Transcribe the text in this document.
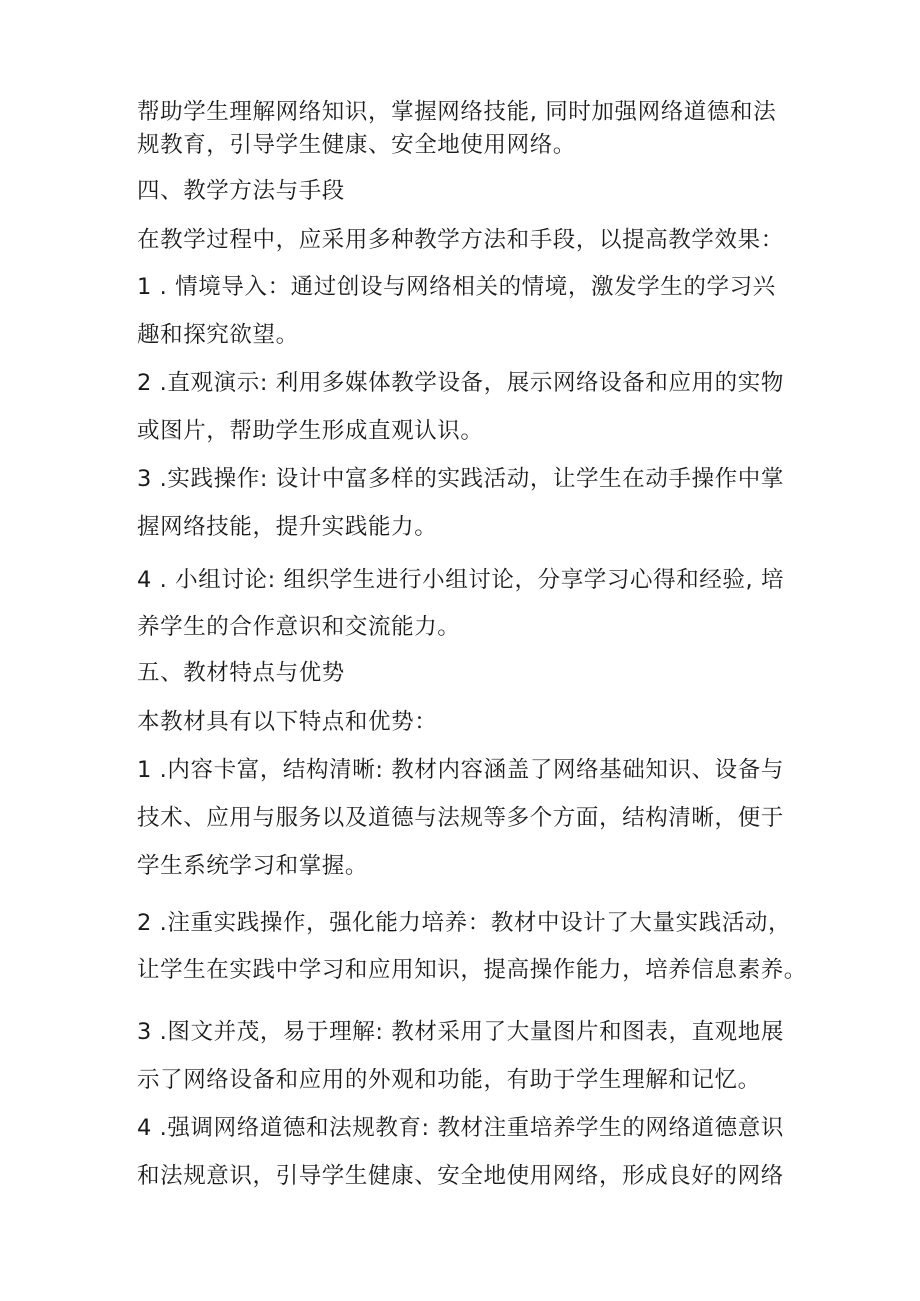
帮助学生理解网络知识，掌握网络技能, 同时加强网络道德和法
规教育，引导学生健康、安全地使用网络。
四、教学方法与手段
在教学过程中，应采用多种教学方法和手段，以提高教学效果：
1 . 情境导入：通过创设与网络相关的情境，激发学生的学习兴
趣和探究欲望。
2 .直观演示: 利用多媒体教学设备，展示网络设备和应用的实物
或图片，帮助学生形成直观认识。
3 .实践操作: 设计中富多样的实践活动，让学生在动手操作中掌
握网络技能，提升实践能力。
4 . 小组讨论: 组织学生进行小组讨论，分享学习心得和经验, 培
养学生的合作意识和交流能力。
五、教材特点与优势
本教材具有以下特点和优势：
1 .内容卡富，结构清晰: 教材内容涵盖了网络基础知识、设备与
技术、应用与服务以及道德与法规等多个方面，结构清晰，便于
学生系统学习和掌握。
2 .注重实践操作，强化能力培养：教材中设计了大量实践活动，
让学生在实践中学习和应用知识，提高操作能力，培养信息素养。
3 .图文并茂，易于理解: 教材采用了大量图片和图表，直观地展
示了网络设备和应用的外观和功能，有助于学生理解和记忆。
4 .强调网络道德和法规教育: 教材注重培养学生的网络道德意识
和法规意识，引导学生健康、安全地使用网络，形成良好的网络
